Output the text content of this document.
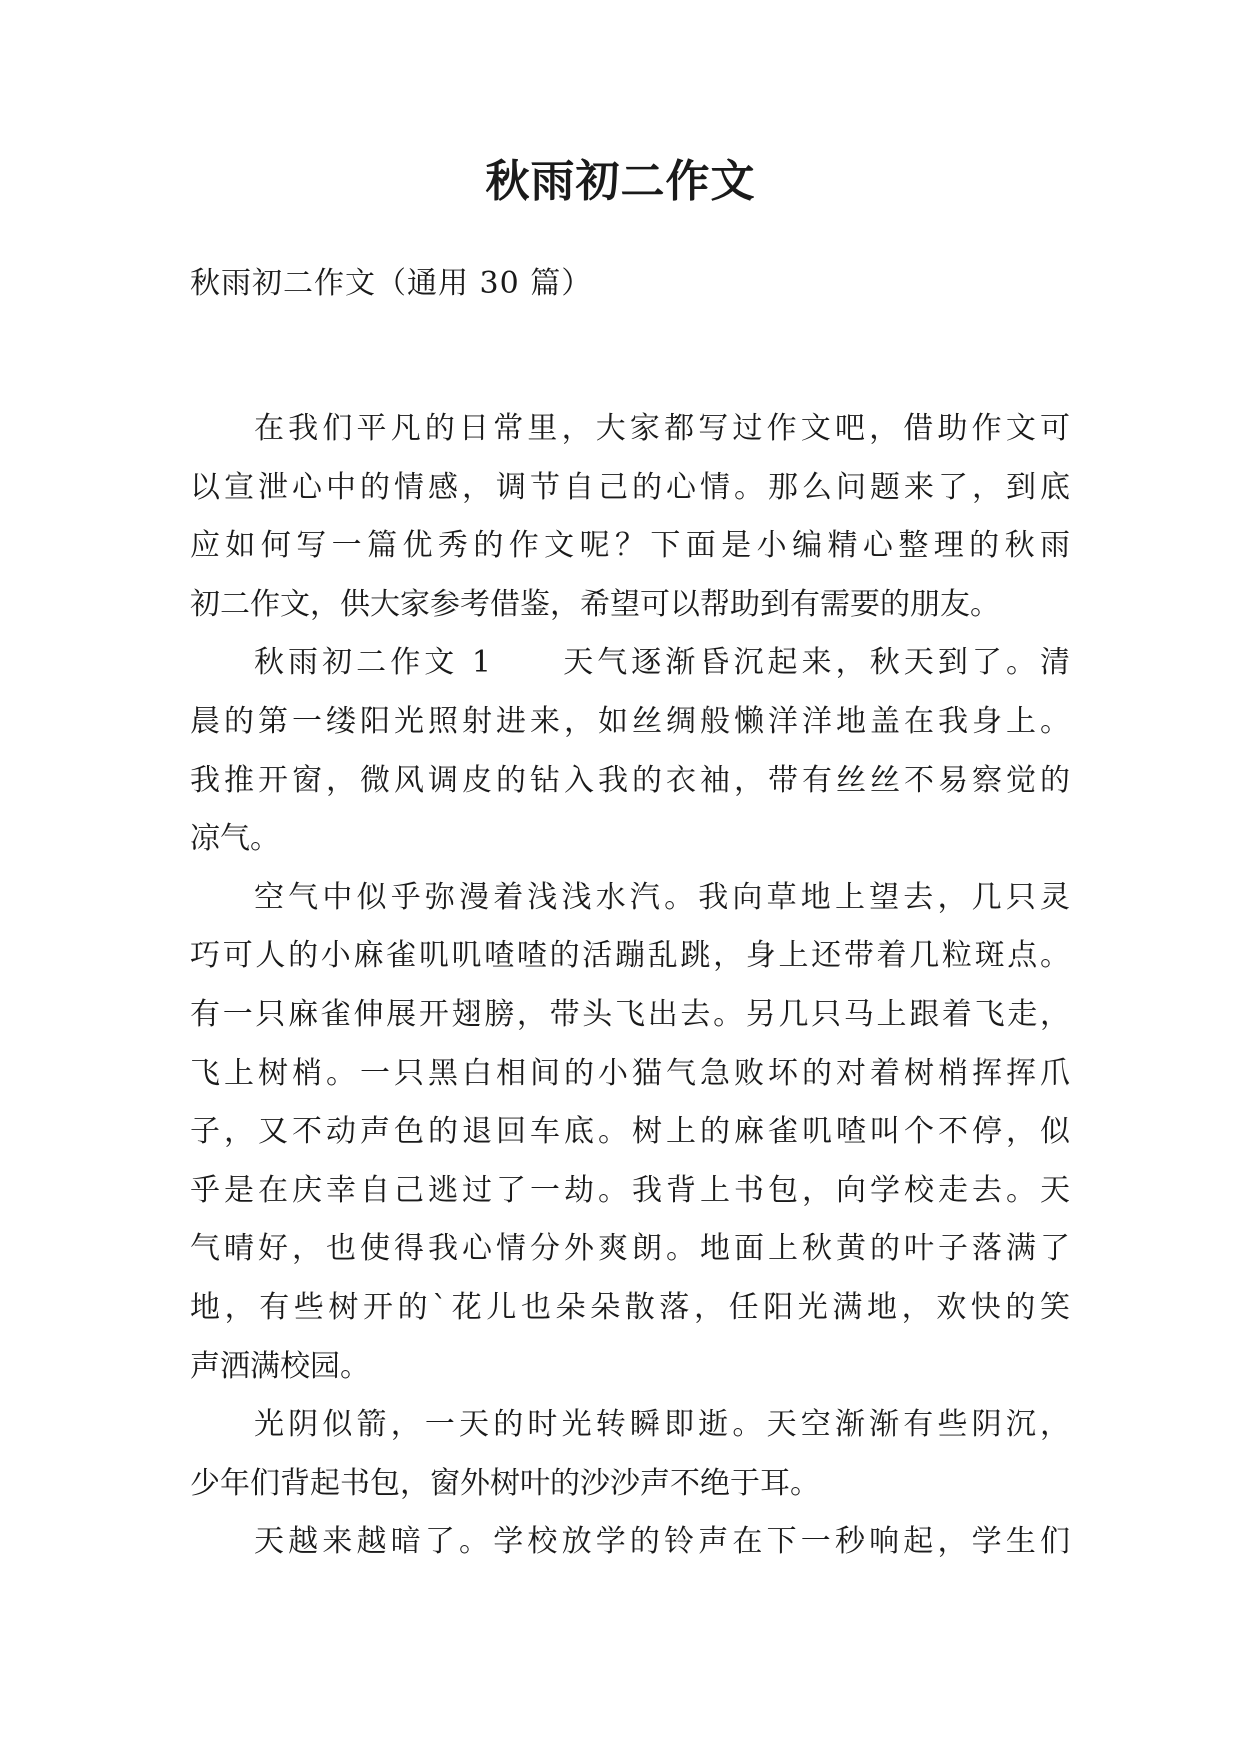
秋雨初二作文
秋雨初二作文（通用 30 篇）
在我们平凡的日常里，大家都写过作文吧，借助作文可
以宣泄心中的情感，调节自己的心情。那么问题来了，到底
应如何写一篇优秀的作文呢？下面是小编精心整理的秋雨
初二作文，供大家参考借鉴，希望可以帮助到有需要的朋友。
秋雨初二作文 1　　天气逐渐昏沉起来，秋天到了。清
晨的第一缕阳光照射进来，如丝绸般懒洋洋地盖在我身上。
我推开窗，微风调皮的钻入我的衣袖，带有丝丝不易察觉的
凉气。
空气中似乎弥漫着浅浅水汽。我向草地上望去，几只灵
巧可人的小麻雀叽叽喳喳的活蹦乱跳，身上还带着几粒斑点。
有一只麻雀伸展开翅膀，带头飞出去。另几只马上跟着飞走，
飞上树梢。一只黑白相间的小猫气急败坏的对着树梢挥挥爪
子，又不动声色的退回车底。树上的麻雀叽喳叫个不停，似
乎是在庆幸自己逃过了一劫。我背上书包，向学校走去。天
气晴好，也使得我心情分外爽朗。地面上秋黄的叶子落满了
地，有些树开的`花儿也朵朵散落，任阳光满地，欢快的笑
声洒满校园。
光阴似箭，一天的时光转瞬即逝。天空渐渐有些阴沉，
少年们背起书包，窗外树叶的沙沙声不绝于耳。
天越来越暗了。学校放学的铃声在下一秒响起，学生们
